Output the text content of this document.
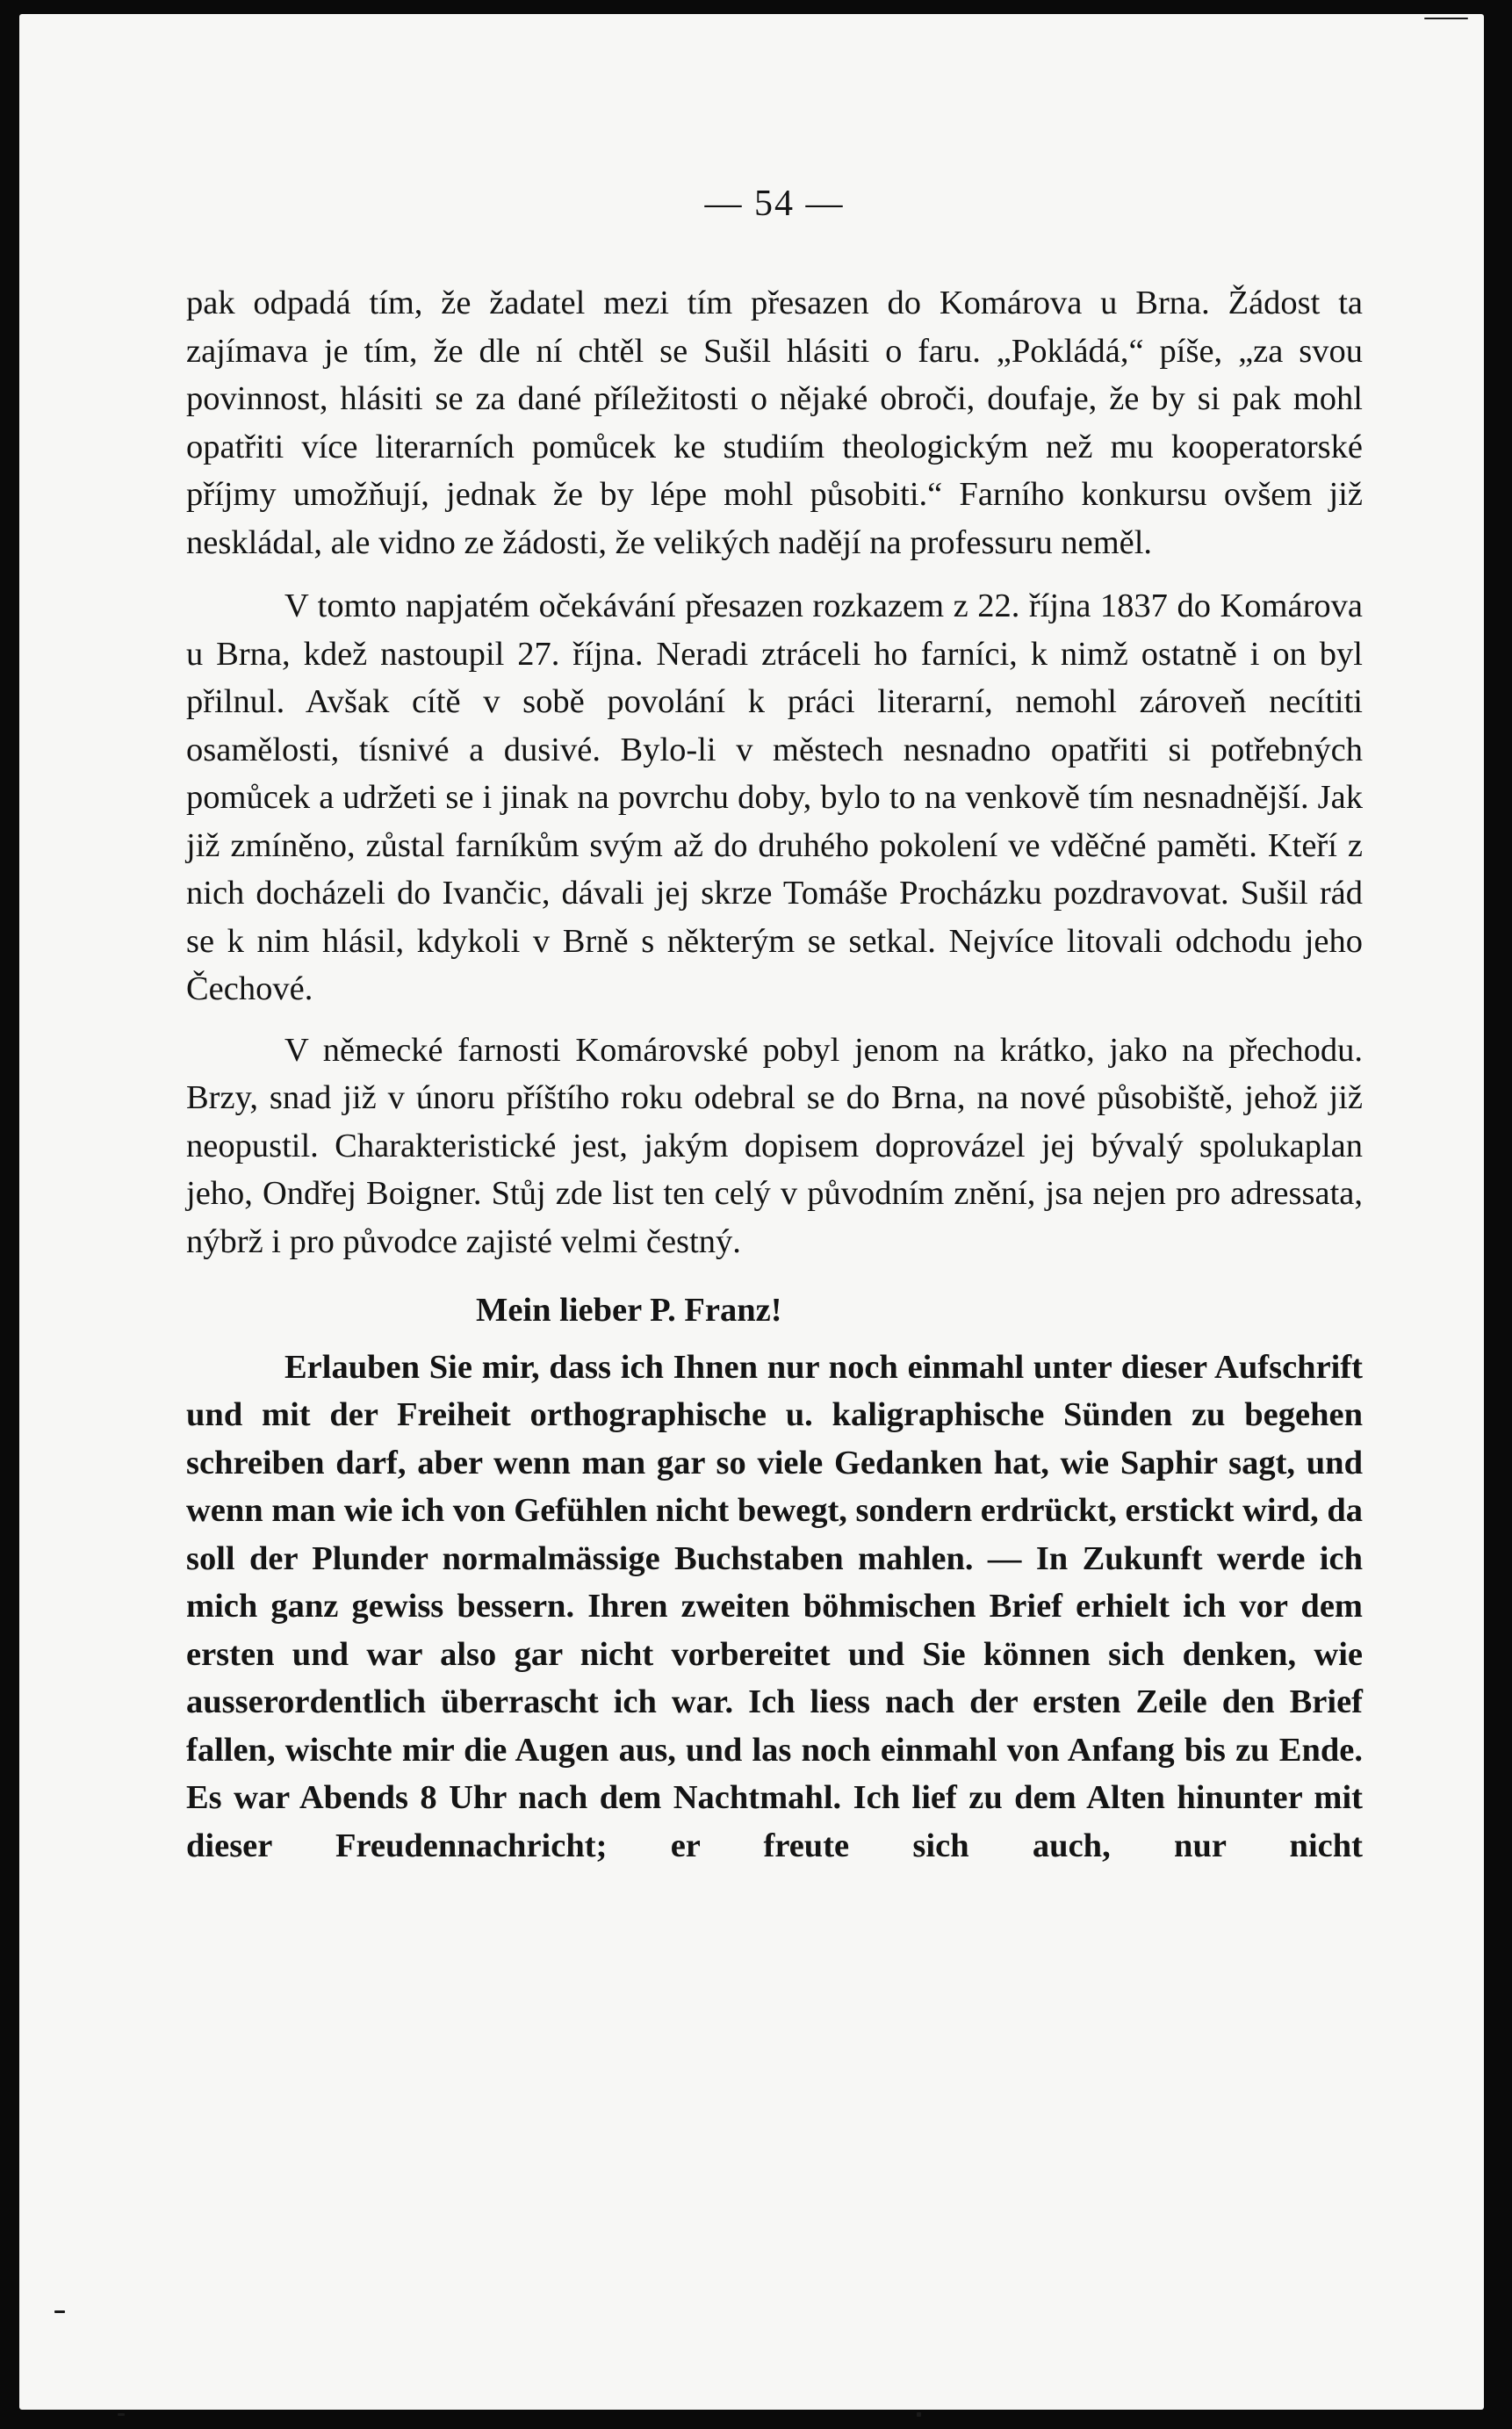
— 54 —

pak odpadá tím, že žadatel mezi tím přesazen do Komárova u Brna. Žádost ta zajímava je tím, že dle ní chtěl se Sušil hlásiti o faru. „Pokládá,“ píše, „za svou povinnost, hlásiti se za dané příležitosti o nějaké obroči, doufaje, že by si pak mohl opatřiti více literarních pomůcek ke studiím theologickým než mu kooperatorské příjmy umožňují, jednak že by lépe mohl působiti.“ Farního konkursu ovšem již neskládal, ale vidno ze žádosti, že velikých nadějí na professuru neměl.

V tomto napjatém očekávání přesazen rozkazem z 22. října 1837 do Komárova u Brna, kdež nastoupil 27. října. Neradi ztráceli ho farníci, k nimž ostatně i on byl přilnul. Avšak cítě v sobě povolání k práci literarní, nemohl zároveň necítiti osamělosti, tísnivé a dusivé. Bylo-li v městech nesnadno opatřiti si potřebných pomůcek a udržeti se i jinak na povrchu doby, bylo to na venkově tím nesnadnější. Jak již zmíněno, zůstal farníkům svým až do druhého pokolení ve vděčné paměti. Kteří z nich docházeli do Ivančic, dávali jej skrze Tomáše Procházku pozdravovat. Sušil rád se k nim hlásil, kdykoli v Brně s některým se setkal. Nejvíce litovali odchodu jeho Čechové.

V německé farnosti Komárovské pobyl jenom na krátko, jako na přechodu. Brzy, snad již v únoru příštího roku odebral se do Brna, na nové působiště, jehož již neopustil. Charakteristické jest, jakým dopisem doprovázel jej bývalý spolukaplan jeho, Ondřej Boigner. Stůj zde list ten celý v původním znění, jsa nejen pro adressata, nýbrž i pro původce zajisté velmi čestný.

Mein lieber P. Franz!

Erlauben Sie mir, dass ich Ihnen nur noch einmahl unter dieser Aufschrift und mit der Freiheit orthographische u. kaligraphische Sünden zu begehen schreiben darf, aber wenn man gar so viele Gedanken hat, wie Saphir sagt, und wenn man wie ich von Gefühlen nicht bewegt, sondern erdrückt, erstickt wird, da soll der Plunder normalmässige Buchstaben mahlen. — In Zukunft werde ich mich ganz gewiss bessern. Ihren zweiten böhmischen Brief erhielt ich vor dem ersten und war also gar nicht vorbereitet und Sie können sich denken, wie ausserordentlich überrascht ich war. Ich liess nach der ersten Zeile den Brief fallen, wischte mir die Augen aus, und las noch einmahl von Anfang bis zu Ende. Es war Abends 8 Uhr nach dem Nachtmahl. Ich lief zu dem Alten hinunter mit dieser Freudennachricht; er freute sich auch, nur nicht
